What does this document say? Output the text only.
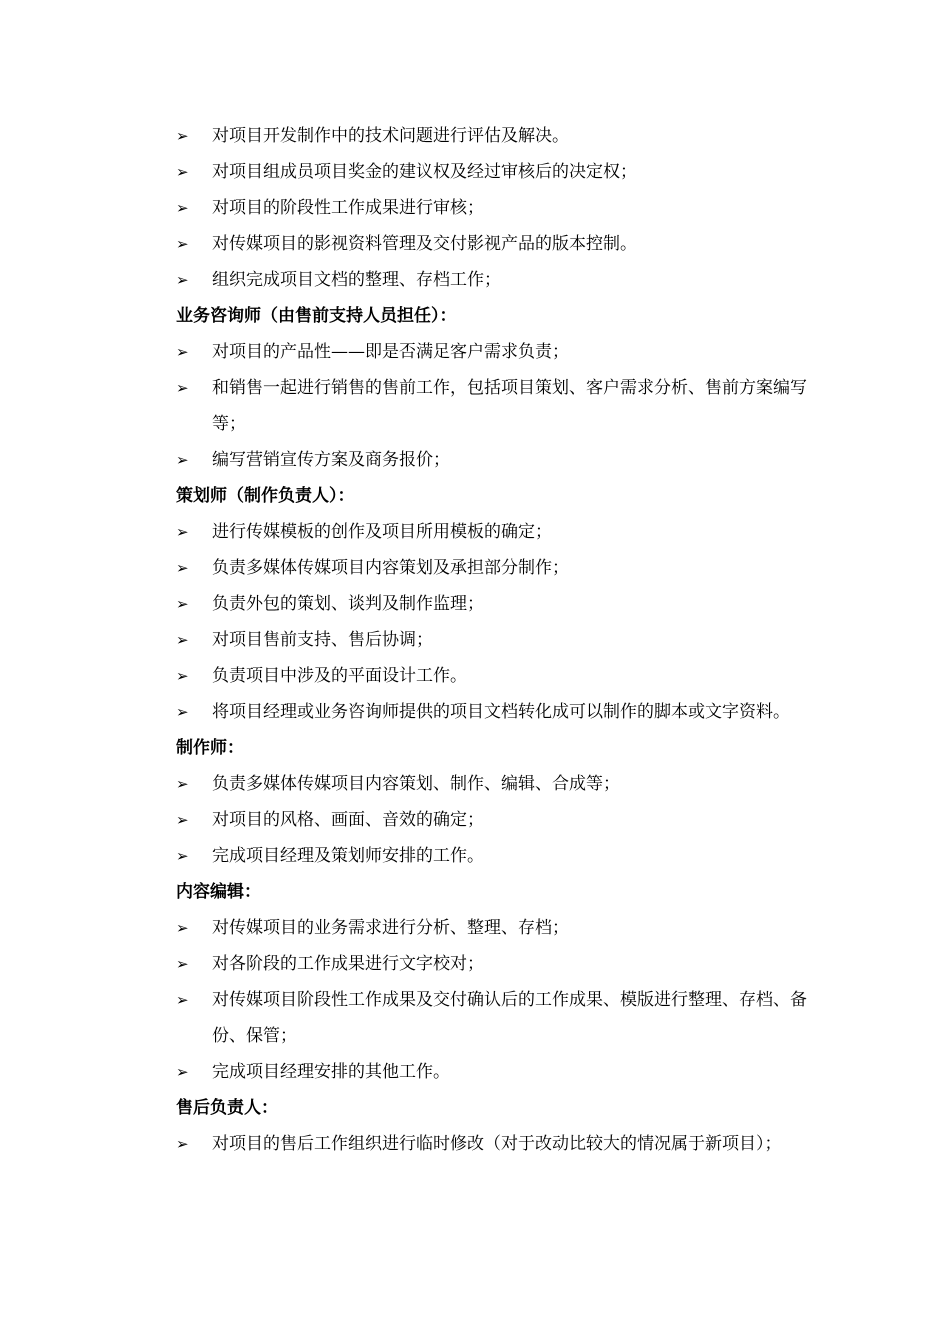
➢ 对项目开发制作中的技术问题进行评估及解决。
➢ 对项目组成员项目奖金的建议权及经过审核后的决定权；
➢ 对项目的阶段性工作成果进行审核；
➢ 对传媒项目的影视资料管理及交付影视产品的版本控制。
➢ 组织完成项目文档的整理、存档工作；
业务咨询师（由售前支持人员担任）：
➢ 对项目的产品性——即是否满足客户需求负责；
➢ 和销售一起进行销售的售前工作，包括项目策划、客户需求分析、售前方案编写等；
➢ 编写营销宣传方案及商务报价；
策划师（制作负责人）：
➢ 进行传媒模板的创作及项目所用模板的确定；
➢ 负责多媒体传媒项目内容策划及承担部分制作；
➢ 负责外包的策划、谈判及制作监理；
➢ 对项目售前支持、售后协调；
➢ 负责项目中涉及的平面设计工作。
➢ 将项目经理或业务咨询师提供的项目文档转化成可以制作的脚本或文字资料。
制作师：
➢ 负责多媒体传媒项目内容策划、制作、编辑、合成等；
➢ 对项目的风格、画面、音效的确定；
➢ 完成项目经理及策划师安排的工作。
内容编辑：
➢ 对传媒项目的业务需求进行分析、整理、存档；
➢ 对各阶段的工作成果进行文字校对；
➢ 对传媒项目阶段性工作成果及交付确认后的工作成果、模版进行整理、存档、备份、保管；
➢ 完成项目经理安排的其他工作。
售后负责人：
➢ 对项目的售后工作组织进行临时修改（对于改动比较大的情况属于新项目）；
